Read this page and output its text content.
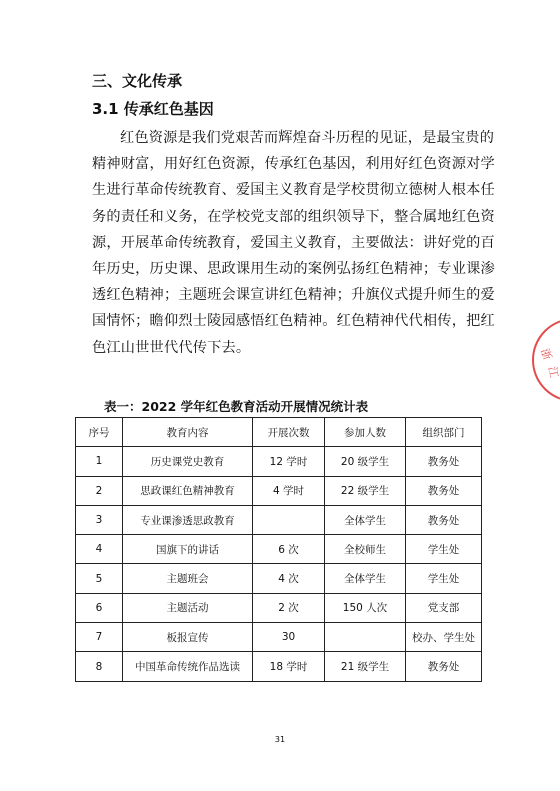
三、文化传承
3.1 传承红色基因
红色资源是我们党艰苦而辉煌奋斗历程的见证，是最宝贵的
精神财富，用好红色资源，传承红色基因，利用好红色资源对学
生进行革命传统教育、爱国主义教育是学校贯彻立德树人根本任
务的责任和义务，在学校党支部的组织领导下，整合属地红色资
源，开展革命传统教育，爱国主义教育，主要做法：讲好党的百
年历史，历史课、思政课用生动的案例弘扬红色精神；专业课渗
透红色精神；主题班会课宣讲红色精神；升旗仪式提升师生的爱
国情怀；瞻仰烈士陵园感悟红色精神。红色精神代代相传，把红
色江山世世代代传下去。
表一：2022 学年红色教育活动开展情况统计表
序号	教育内容	开展次数	参加人数	组织部门
1	历史课党史教育	12 学时	20 级学生	教务处
2	思政课红色精神教育	4 学时	22 级学生	教务处
3	专业课渗透思政教育		全体学生	教务处
4	国旗下的讲话	6 次	全校师生	学生处
5	主题班会	4 次	全体学生	学生处
6	主题活动	2 次	150 人次	党支部
7	板报宣传	30		校办、学生处
8	中国革命传统作品选读	18 学时	21 级学生	教务处
31
浙
江
